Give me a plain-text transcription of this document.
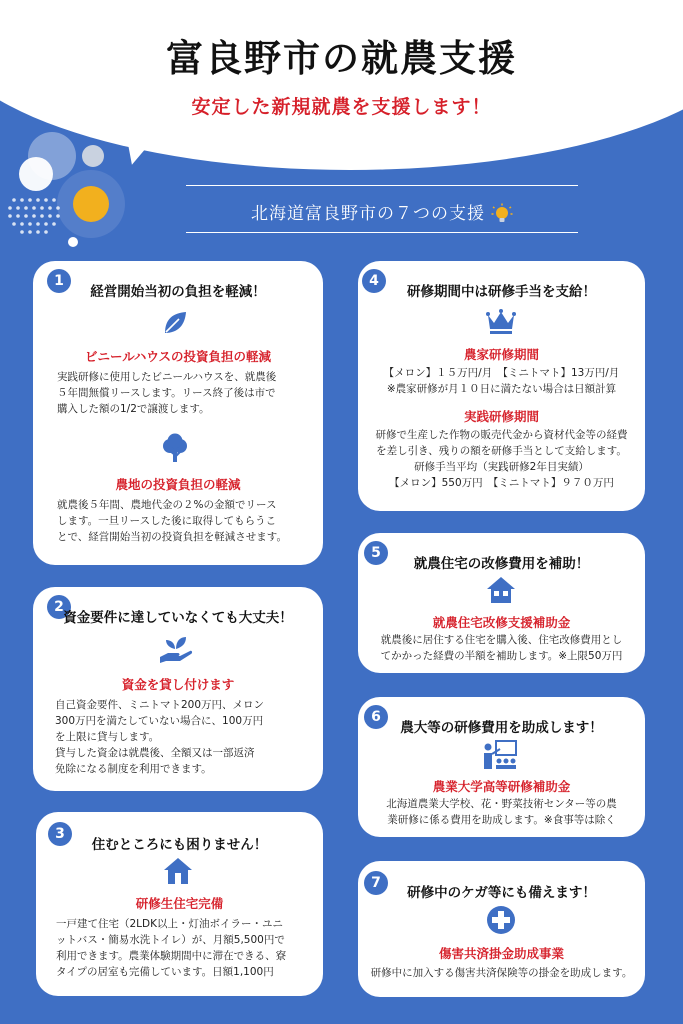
富良野市の就農支援
安定した新規就農を支援します！
北海道富良野市の７つの支援
1
経営開始当初の負担を軽減！
ビニールハウスの投資負担の軽減
実践研修に使用したビニールハウスを、就農後
５年間無償リースします。リース終了後は市で
購入した額の1/2で譲渡します。
農地の投資負担の軽減
就農後５年間、農地代金の２%の金額でリース
します。一旦リースした後に取得してもらうこ
とで、経営開始当初の投資負担を軽減させます。
2
資金要件に達していなくても大丈夫！
資金を貸し付けます
自己資金要件、ミニトマト200万円、メロン
300万円を満たしていない場合に、100万円
を上限に貸与します。
貸与した資金は就農後、全額又は一部返済
免除になる制度を利用できます。
3
住むところにも困りません！
研修生住宅完備
一戸建て住宅（2LDK以上・灯油ボイラー・ユニ
ットバス・簡易水洗トイレ）が、月額5,500円で
利用できます。農業体験期間中に滞在できる、寮
タイプの居室も完備しています。日額1,100円
4
研修期間中は研修手当を支給！
農家研修期間
【メロン】１５万円/月　【ミニトマト】13万円/月
※農家研修が月１０日に満たない場合は日額計算
実践研修期間
研修で生産した作物の販売代金から資材代金等の経費
を差し引き、残りの額を研修手当として支給します。
研修手当平均（実践研修2年目実績）
【メロン】550万円　【ミニトマト】９７０万円
5
就農住宅の改修費用を補助！
就農住宅改修支援補助金
就農後に居住する住宅を購入後、住宅改修費用とし
てかかった経費の半額を補助します。※上限50万円
6
農大等の研修費用を助成します！
農業大学高等研修補助金
北海道農業大学校、花・野菜技術センター等の農
業研修に係る費用を助成します。※食事等は除く
7
研修中のケガ等にも備えます！
傷害共済掛金助成事業
研修中に加入する傷害共済保険等の掛金を助成します。
